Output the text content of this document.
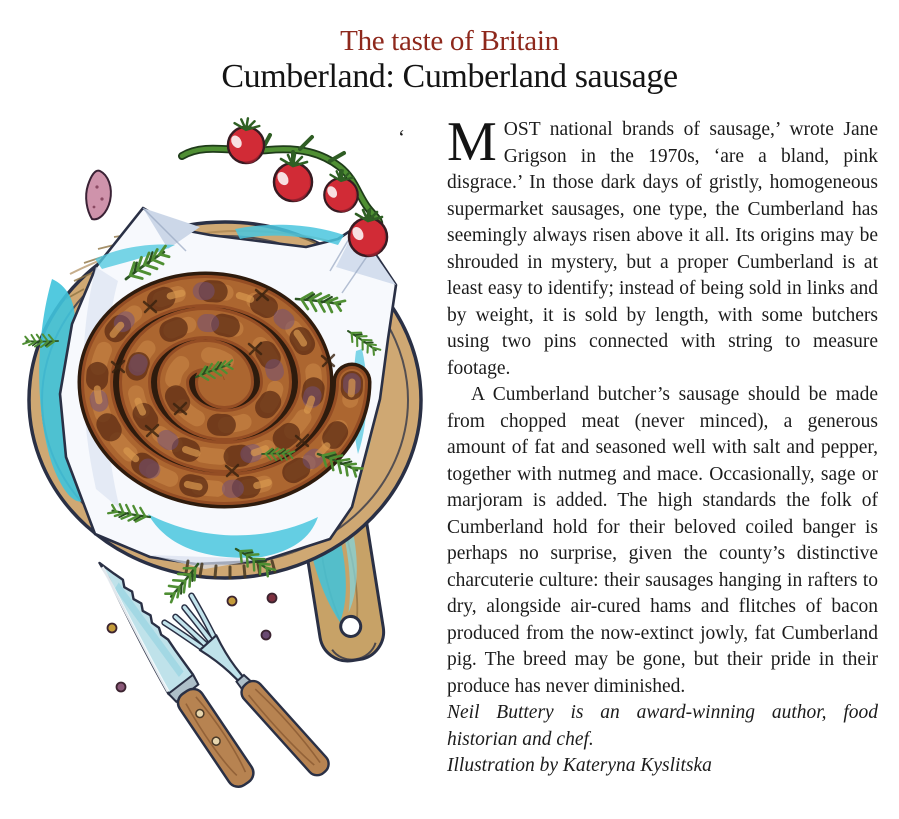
The taste of Britain
Cumberland: Cumberland sausage
‘ MOST national brands of sausage,’ wrote Jane Grigson in the 1970s, ‘are a bland, pink disgrace.’ In those dark days of gristly, homogeneous supermarket sausages, one type, the Cumberland has seemingly always risen above it all. Its origins may be shrouded in mystery, but a proper Cumberland is at least easy to identify; instead of being sold in links and by weight, it is sold by length, with some butchers using two pins connected with string to measure footage.

A Cumberland butcher’s sausage should be made from chopped meat (never minced), a generous amount of fat and seasoned well with salt and pepper, together with nutmeg and mace. Occasionally, sage or marjoram is added. The high standards the folk of Cumberland hold for their beloved coiled banger is perhaps no surprise, given the county’s distinctive charcuterie culture: their sausages hanging in rafters to dry, alongside air-cured hams and flitches of bacon produced from the now-extinct jowly, fat Cumberland pig. The breed may be gone, but their pride in their produce has never diminished.

Neil Buttery is an award-winning author, food historian and chef.

Illustration by Kateryna Kyslitska
